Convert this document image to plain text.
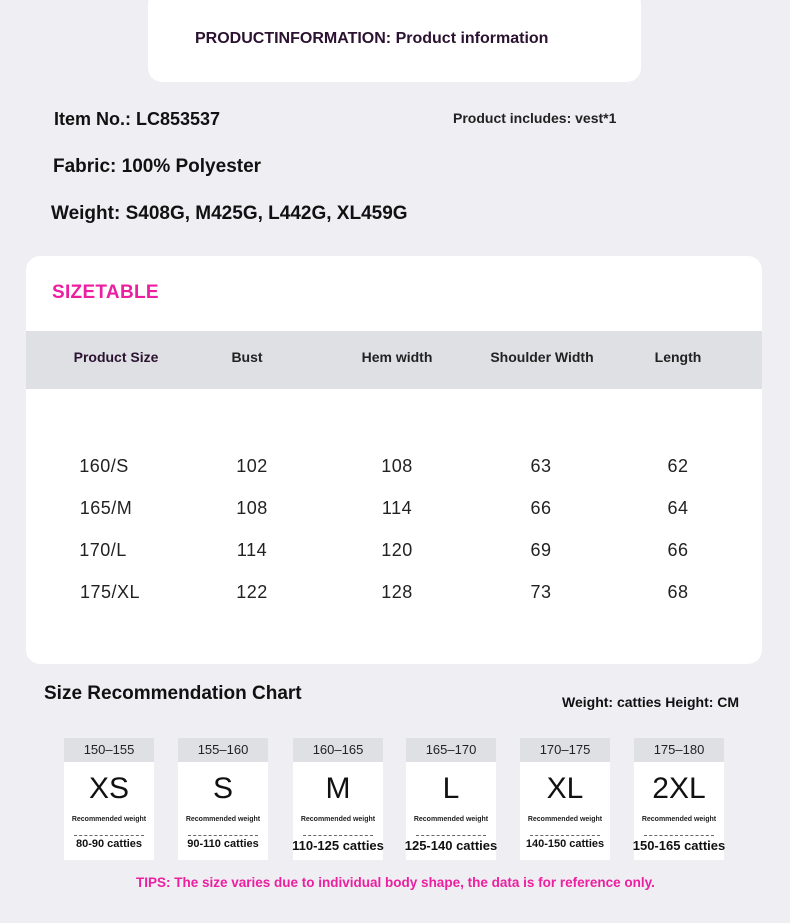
PRODUCTINFORMATION: Product information
Item No.: LC853537	Product includes: vest*1
Fabric: 100% Polyester
Weight: S408G, M425G, L442G, XL459G
SIZETABLE
Product Size	Bust	Hem width	Shoulder Width	Length
160/S	102	108	63	62
165/M	108	114	66	64
170/L	114	120	69	66
175/XL	122	128	73	68
Size Recommendation Chart	Weight: catties Height: CM
150–155
XS
Recommended weight
80-90 catties
155–160
S
Recommended weight
90-110 catties
160–165
M
Recommended weight
110-125 catties
165–170
L
Recommended weight
125-140 catties
170–175
XL
Recommended weight
140-150 catties
175–180
2XL
Recommended weight
150-165 catties
TIPS: The size varies due to individual body shape, the data is for reference only.
